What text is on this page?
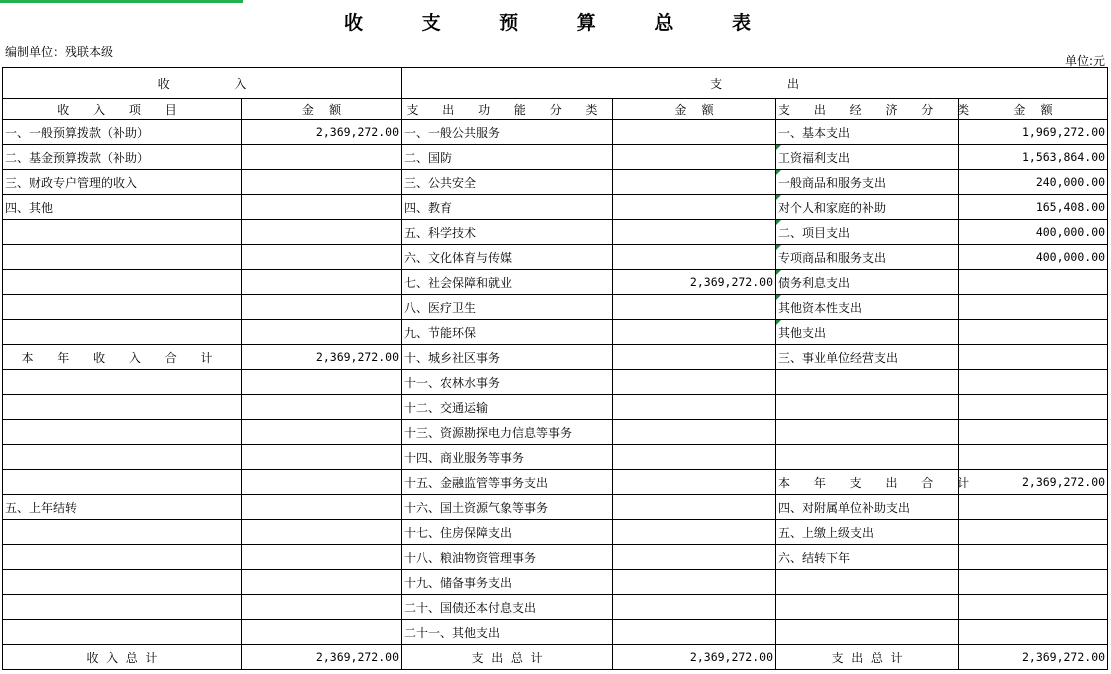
收 支 预 算 总 表
编制单位：残联本级
单位:元
收                 入		支                 出			
收 入 项 目	金    额	支 出 功 能 分 类	金    额	支 出 经 济 分 类	金    额
一、一般预算拨款（补助）	2,369,272.00	一、一般公共服务		一、基本支出	1,969,272.00
二、基金预算拨款（补助）		二、国防		工资福利支出	1,563,864.00
三、财政专户管理的收入		三、公共安全		一般商品和服务支出	240,000.00
四、其他		四、教育		对个人和家庭的补助	165,408.00
		五、科学技术		二、项目支出	400,000.00
		六、文化体育与传媒		专项商品和服务支出	400,000.00
		七、社会保障和就业	2,369,272.00	债务利息支出	
		八、医疗卫生		其他资本性支出	
		九、节能环保		其他支出	
本 年 收 入 合 计	2,369,272.00	十、城乡社区事务		三、事业单位经营支出	
		十一、农林水事务			
		十二、交通运输			
		十三、资源勘探电力信息等事务			
		十四、商业服务等事务			
		十五、金融监管等事务支出		本 年 支 出 合 计	2,369,272.00
五、上年结转		十六、国土资源气象等事务		四、对附属单位补助支出	
		十七、住房保障支出		五、上缴上级支出	
		十八、粮油物资管理事务		六、结转下年	
		十九、储备事务支出			
		二十、国债还本付息支出			
		二十一、其他支出			
收  入  总  计	2,369,272.00	支  出  总  计	2,369,272.00	支  出  总  计	2,369,272.00
